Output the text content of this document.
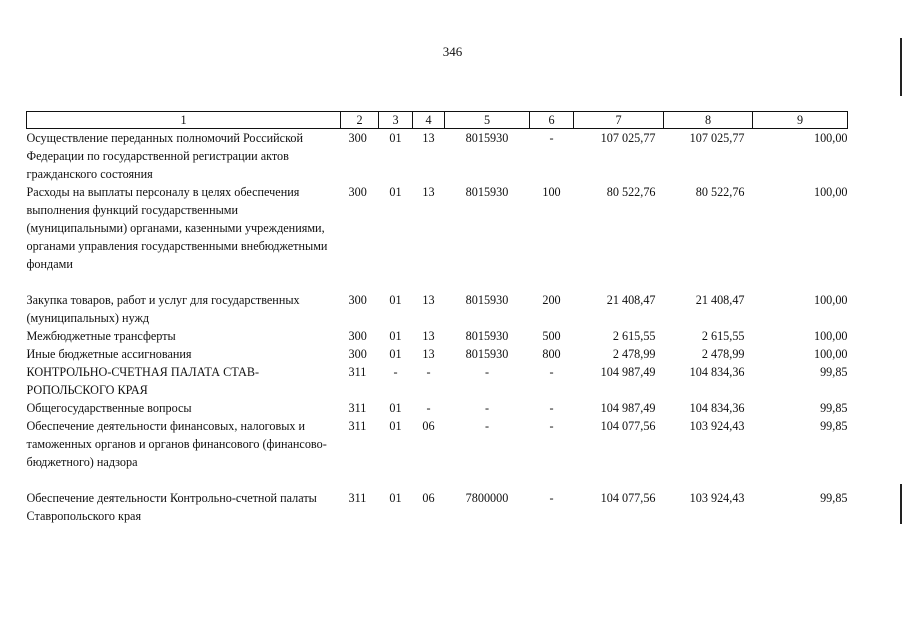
346
1	2	3	4	5	6	7	8	9
Осуществление переданных полномочий Российской Федерации по государственной регистрации актов гражданского состояния	300	01	13	8015930	-	107 025,77	107 025,77	100,00
Расходы на выплаты персоналу в целях обеспечения выполнения функций государственными (муниципальными) органами, казенными учреждениями, органами управления государственными внебюджетными фондами	300	01	13	8015930	100	80 522,76	80 522,76	100,00
Закупка товаров, работ и услуг для государственных (муниципальных) нужд	300	01	13	8015930	200	21 408,47	21 408,47	100,00
Межбюджетные трансферты	300	01	13	8015930	500	2 615,55	2 615,55	100,00
Иные бюджетные ассигнования	300	01	13	8015930	800	2 478,99	2 478,99	100,00
КОНТРОЛЬНО-СЧЕТНАЯ ПАЛАТА СТАВ-РОПОЛЬСКОГО КРАЯ	311	-	-	-	-	104 987,49	104 834,36	99,85
Общегосударственные вопросы	311	01	-	-	-	104 987,49	104 834,36	99,85
Обеспечение деятельности финансовых, налоговых и таможенных органов и органов финансового (финансово-бюджетного) надзора	311	01	06	-	-	104 077,56	103 924,43	99,85
Обеспечение деятельности Контрольно-счетной палаты Ставропольского края	311	01	06	7800000	-	104 077,56	103 924,43	99,85
